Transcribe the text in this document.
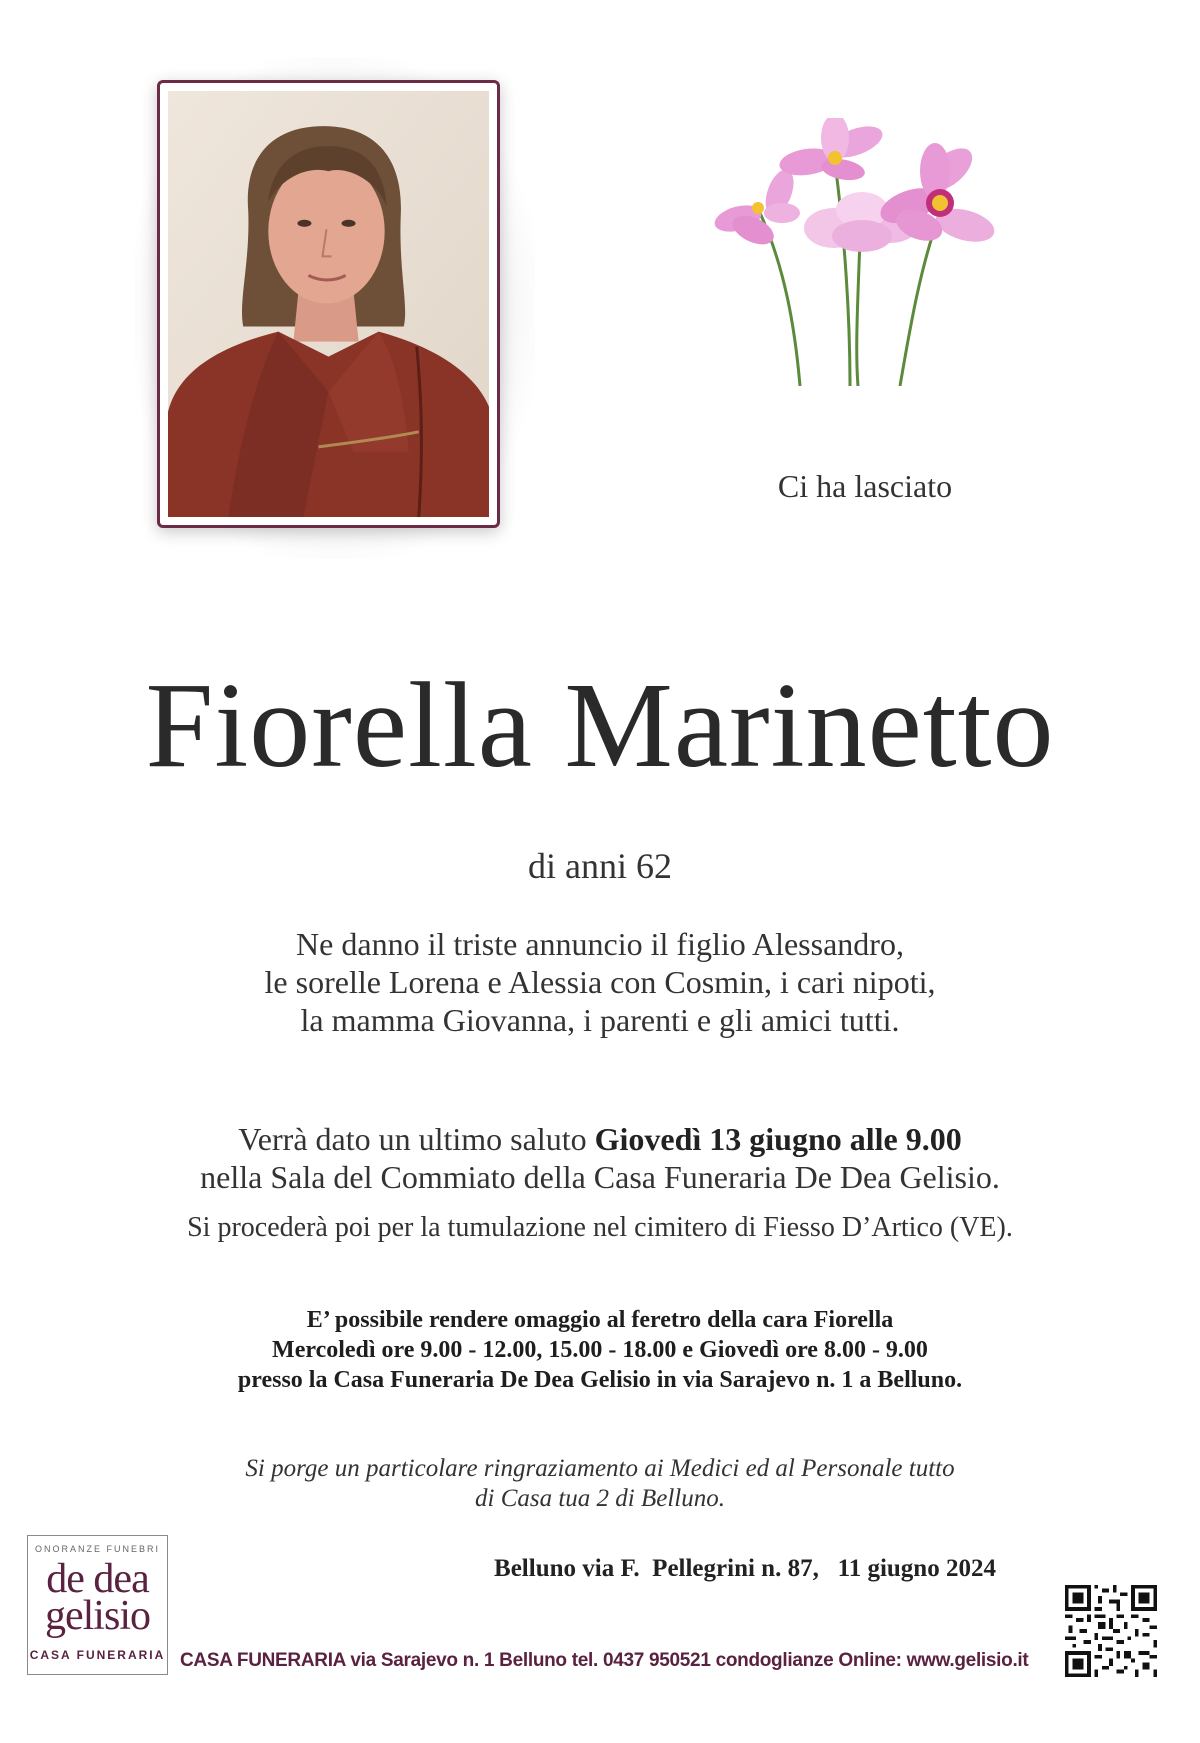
Ci ha lasciato
Fiorella Marinetto
di anni 62
Ne danno il triste annuncio il figlio Alessandro,
le sorelle Lorena e Alessia con Cosmin, i cari nipoti,
la mamma Giovanna, i parenti e gli amici tutti.
Verrà dato un ultimo saluto Giovedì 13 giugno alle 9.00
nella Sala del Commiato della Casa Funeraria De Dea Gelisio.
Si procederà poi per la tumulazione nel cimitero di Fiesso D’Artico (VE).
E’ possibile rendere omaggio al feretro della cara Fiorella
Mercoledì ore 9.00 - 12.00, 15.00 - 18.00 e Giovedì ore 8.00 - 9.00
presso la Casa Funeraria De Dea Gelisio in via Sarajevo n. 1 a Belluno.
Si porge un particolare ringraziamento ai Medici ed al Personale tutto
di Casa tua 2 di Belluno.
Belluno via F.  Pellegrini n. 87,   11 giugno 2024
ONORANZE FUNEBRI
de dea
gelisio
CASA FUNERARIA CASA FUNERARIA via Sarajevo n. 1 Belluno tel. 0437 950521 condoglianze Online: www.gelisio.it
